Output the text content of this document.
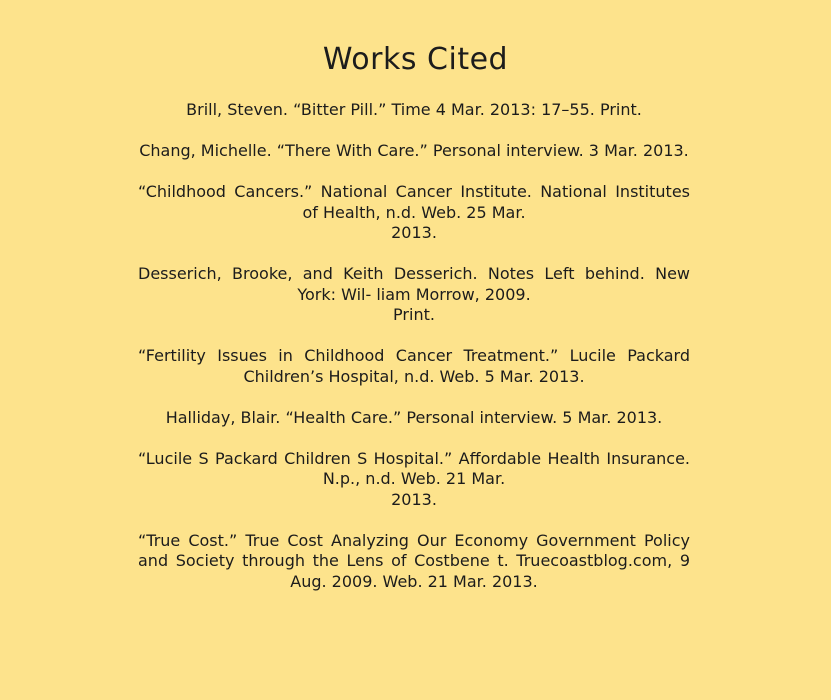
Works Cited

Brill, Steven. “Bitter Pill.” Time 4 Mar. 2013: 17–55. Print.

Chang, Michelle. “There With Care.” Personal interview. 3 Mar. 2013.

“Childhood Cancers.” National Cancer Institute. National Institutes of Health, n.d. Web. 25 Mar.
2013.

Desserich, Brooke, and Keith Desserich. Notes Left behind. New York: Wil- liam Morrow, 2009.
Print.

“Fertility Issues in Childhood Cancer Treatment.” Lucile Packard Children’s Hospital, n.d. Web. 5 Mar. 2013.

Halliday, Blair. “Health Care.” Personal interview. 5 Mar. 2013.

“Lucile S Packard Children S Hospital.” Affordable Health Insurance. N.p., n.d. Web. 21 Mar.
2013.

“True Cost.” True Cost Analyzing Our Economy Government Policy and Society through the Lens of Costbene t. Truecoastblog.com, 9 Aug. 2009. Web. 21 Mar. 2013.
